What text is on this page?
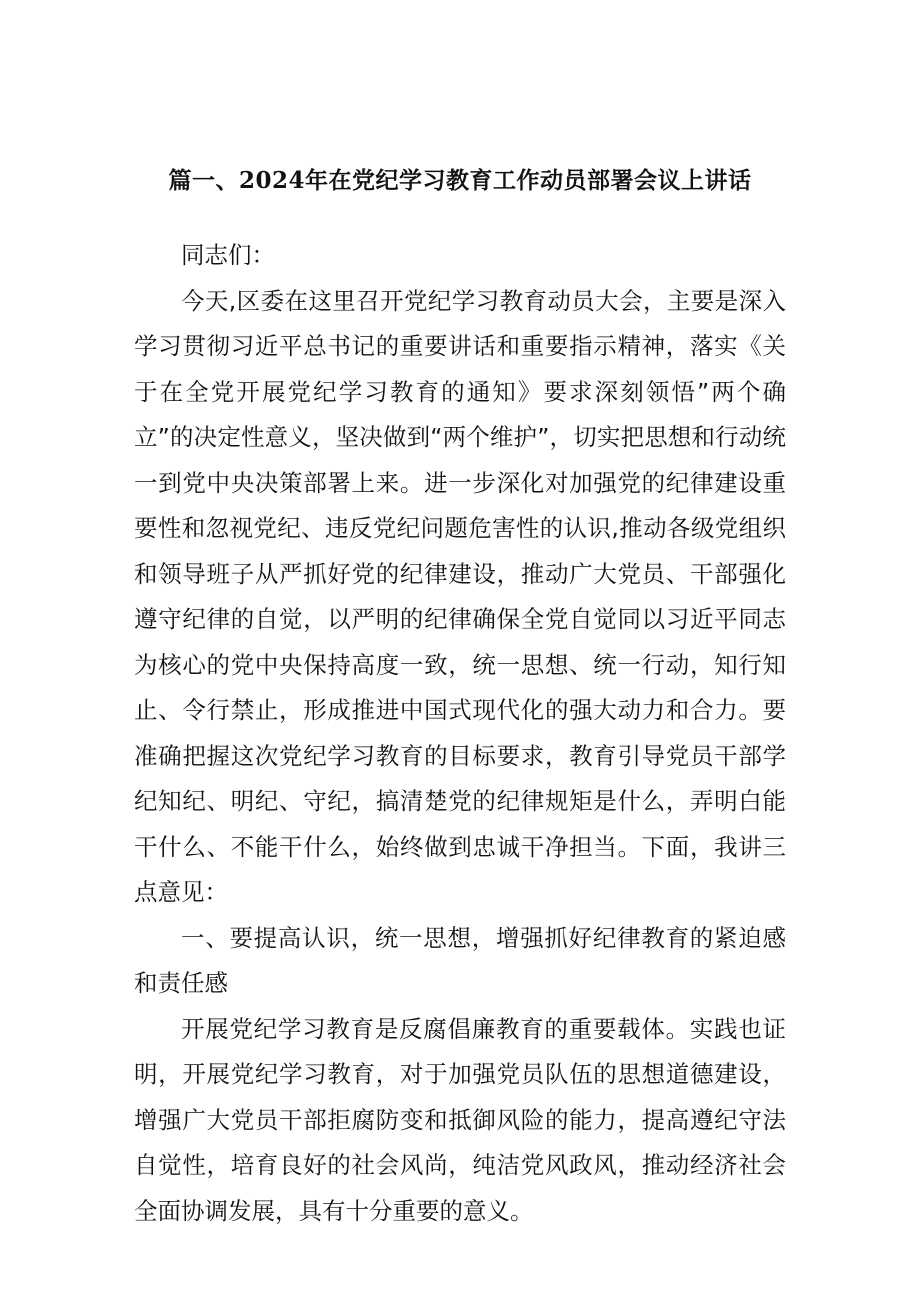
篇一、2024年在党纪学习教育工作动员部署会议上讲话

同志们：

今天,区委在这里召开党纪学习教育动员大会，主要是深入学习贯彻习近平总书记的重要讲话和重要指示精神，落实《关于在全党开展党纪学习教育的通知》要求深刻领悟”两个确立”的决定性意义，坚决做到“两个维护”，切实把思想和行动统一到党中央决策部署上来。进一步深化对加强党的纪律建设重要性和忽视党纪、违反党纪问题危害性的认识,推动各级党组织和领导班子从严抓好党的纪律建设，推动广大党员、干部强化遵守纪律的自觉，以严明的纪律确保全党自觉同以习近平同志为核心的党中央保持高度一致，统一思想、统一行动，知行知止、令行禁止，形成推进中国式现代化的强大动力和合力。要准确把握这次党纪学习教育的目标要求，教育引导党员干部学纪知纪、明纪、守纪，搞清楚党的纪律规矩是什么，弄明白能干什么、不能干什么，始终做到忠诚干净担当。下面，我讲三点意见：

一、要提高认识，统一思想，增强抓好纪律教育的紧迫感和责任感

开展党纪学习教育是反腐倡廉教育的重要载体。实践也证明，开展党纪学习教育，对于加强党员队伍的思想道德建设，增强广大党员干部拒腐防变和抵御风险的能力，提高遵纪守法自觉性，培育良好的社会风尚，纯洁党风政风，推动经济社会全面协调发展，具有十分重要的意义。
